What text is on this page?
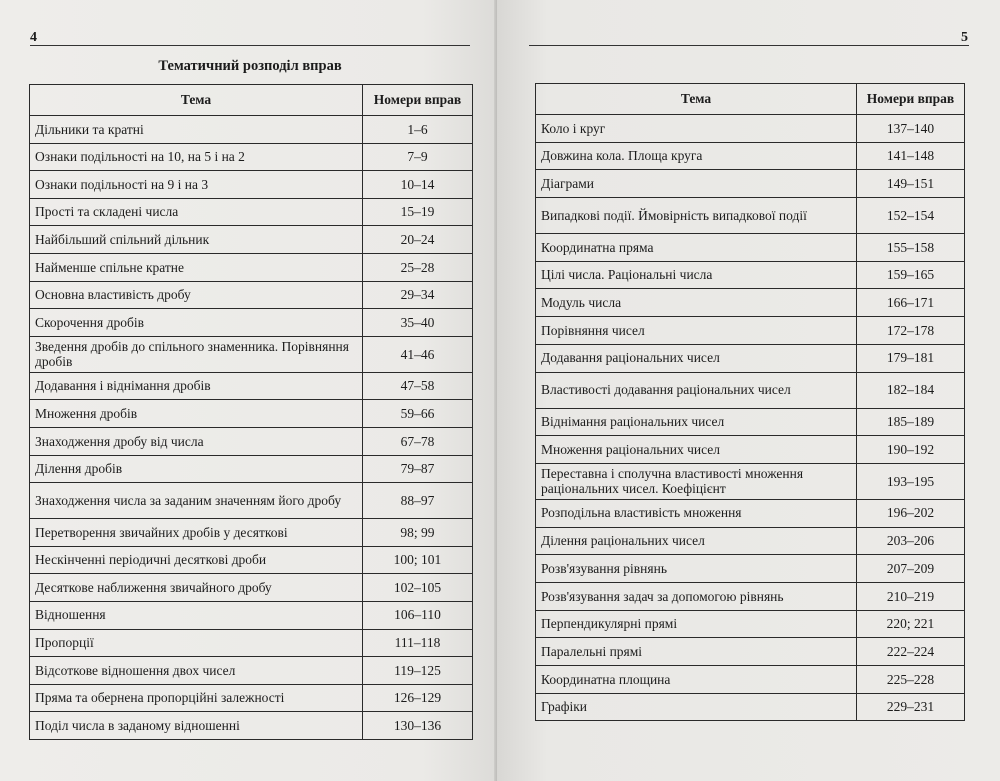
4
Тематичний розподіл вправ
Тема	Номери вправ
Дільники та кратні	1–6
Ознаки подільності на 10, на 5 і на 2	7–9
Ознаки подільності на 9 і на 3	10–14
Прості та складені числа	15–19
Найбільший спільний дільник	20–24
Найменше спільне кратне	25–28
Основна властивість дробу	29–34
Скорочення дробів	35–40
Зведення дробів до спільного знаменника. Порівняння дробів	41–46
Додавання і віднімання дробів	47–58
Множення дробів	59–66
Знаходження дробу від числа	67–78
Ділення дробів	79–87
Знаходження числа за заданим значенням його дробу	88–97
Перетворення звичайних дробів у десяткові	98; 99
Нескінченні періодичні десяткові дроби	100; 101
Десяткове наближення звичайного дробу	102–105
Відношення	106–110
Пропорції	111–118
Відсоткове відношення двох чисел	119–125
Пряма та обернена пропорційні залежності	126–129
Поділ числа в заданому відношенні	130–136
5
Тема	Номери вправ
Коло і круг	137–140
Довжина кола. Площа круга	141–148
Діаграми	149–151
Випадкові події. Ймовірність випадкової події	152–154
Координатна пряма	155–158
Цілі числа. Раціональні числа	159–165
Модуль числа	166–171
Порівняння чисел	172–178
Додавання раціональних чисел	179–181
Властивості додавання раціональних чисел	182–184
Віднімання раціональних чисел	185–189
Множення раціональних чисел	190–192
Переставна і сполучна властивості множення раціональних чисел. Коефіцієнт	193–195
Розподільна властивість множення	196–202
Ділення раціональних чисел	203–206
Розв'язування рівнянь	207–209
Розв'язування задач за допомогою рівнянь	210–219
Перпендикулярні прямі	220; 221
Паралельні прямі	222–224
Координатна площина	225–228
Графіки	229–231
